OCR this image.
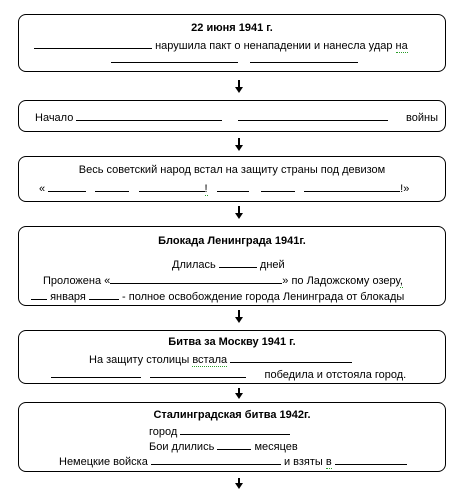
22 июня 1941 г.
нарушила пакт о ненападении и нанесла удар на

Начало	войны
Весь советский народ встал на защиту страны под девизом
«	!	!»
Блокада Ленинграда 1941г.
Длилась	дней
Проложена «	» по Ладожскому озеру,
января	- полное освобождение города Ленинграда от блокады
Битва за Москву 1941 г.
На защиту столицы встала
победила и отстояла город.
Сталинградская битва 1942г.
город
Бои длились	месяцев
Немецкие войска	и взяты в
